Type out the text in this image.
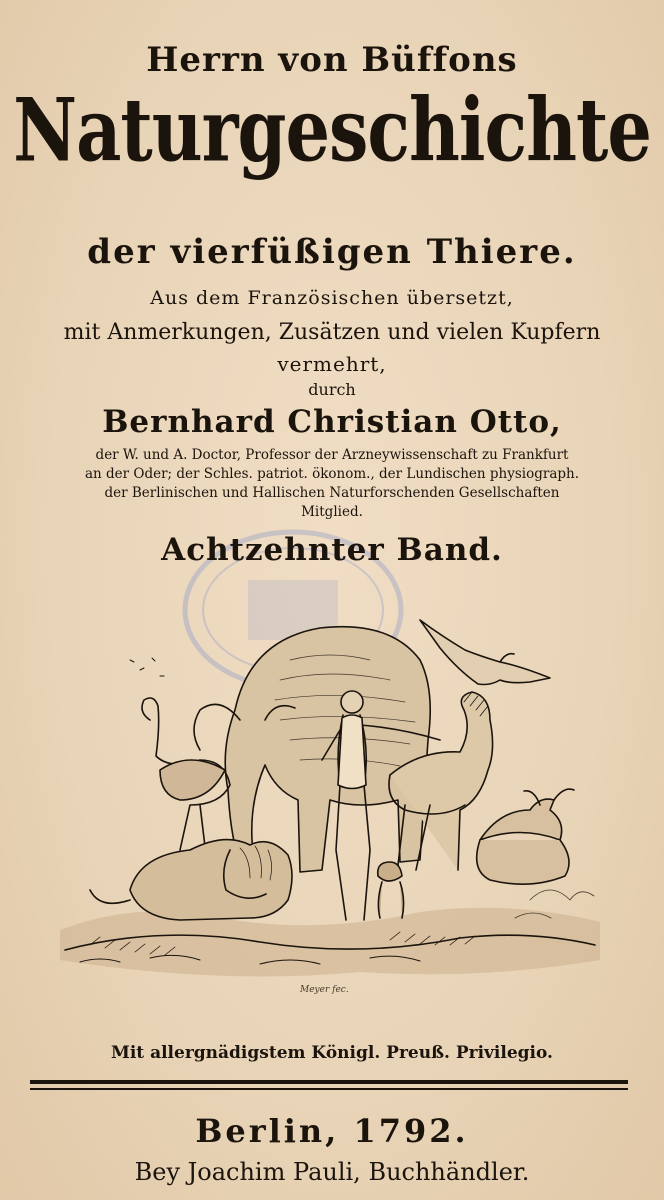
Herrn von Büffons
Naturgeschichte
der vierfüßigen Thiere.
Aus dem Französischen übersetzt,
mit Anmerkungen, Zusätzen und vielen Kupfern
vermehrt,
durch
Bernhard Christian Otto,
der W. und A. Doctor, Professor der Arzneywissenschaft zu Frankfurt
an der Oder; der Schles. patriot. ökonom., der Lundischen physiograph.
der Berlinischen und Hallischen Naturforschenden Gesellschaften
Mitglied.
Achtzehnter Band.
Meyer fec.
Mit allergnädigstem Königl. Preuß. Privilegio.
Berlin, 1792.
Bey Joachim Pauli, Buchhändler.
